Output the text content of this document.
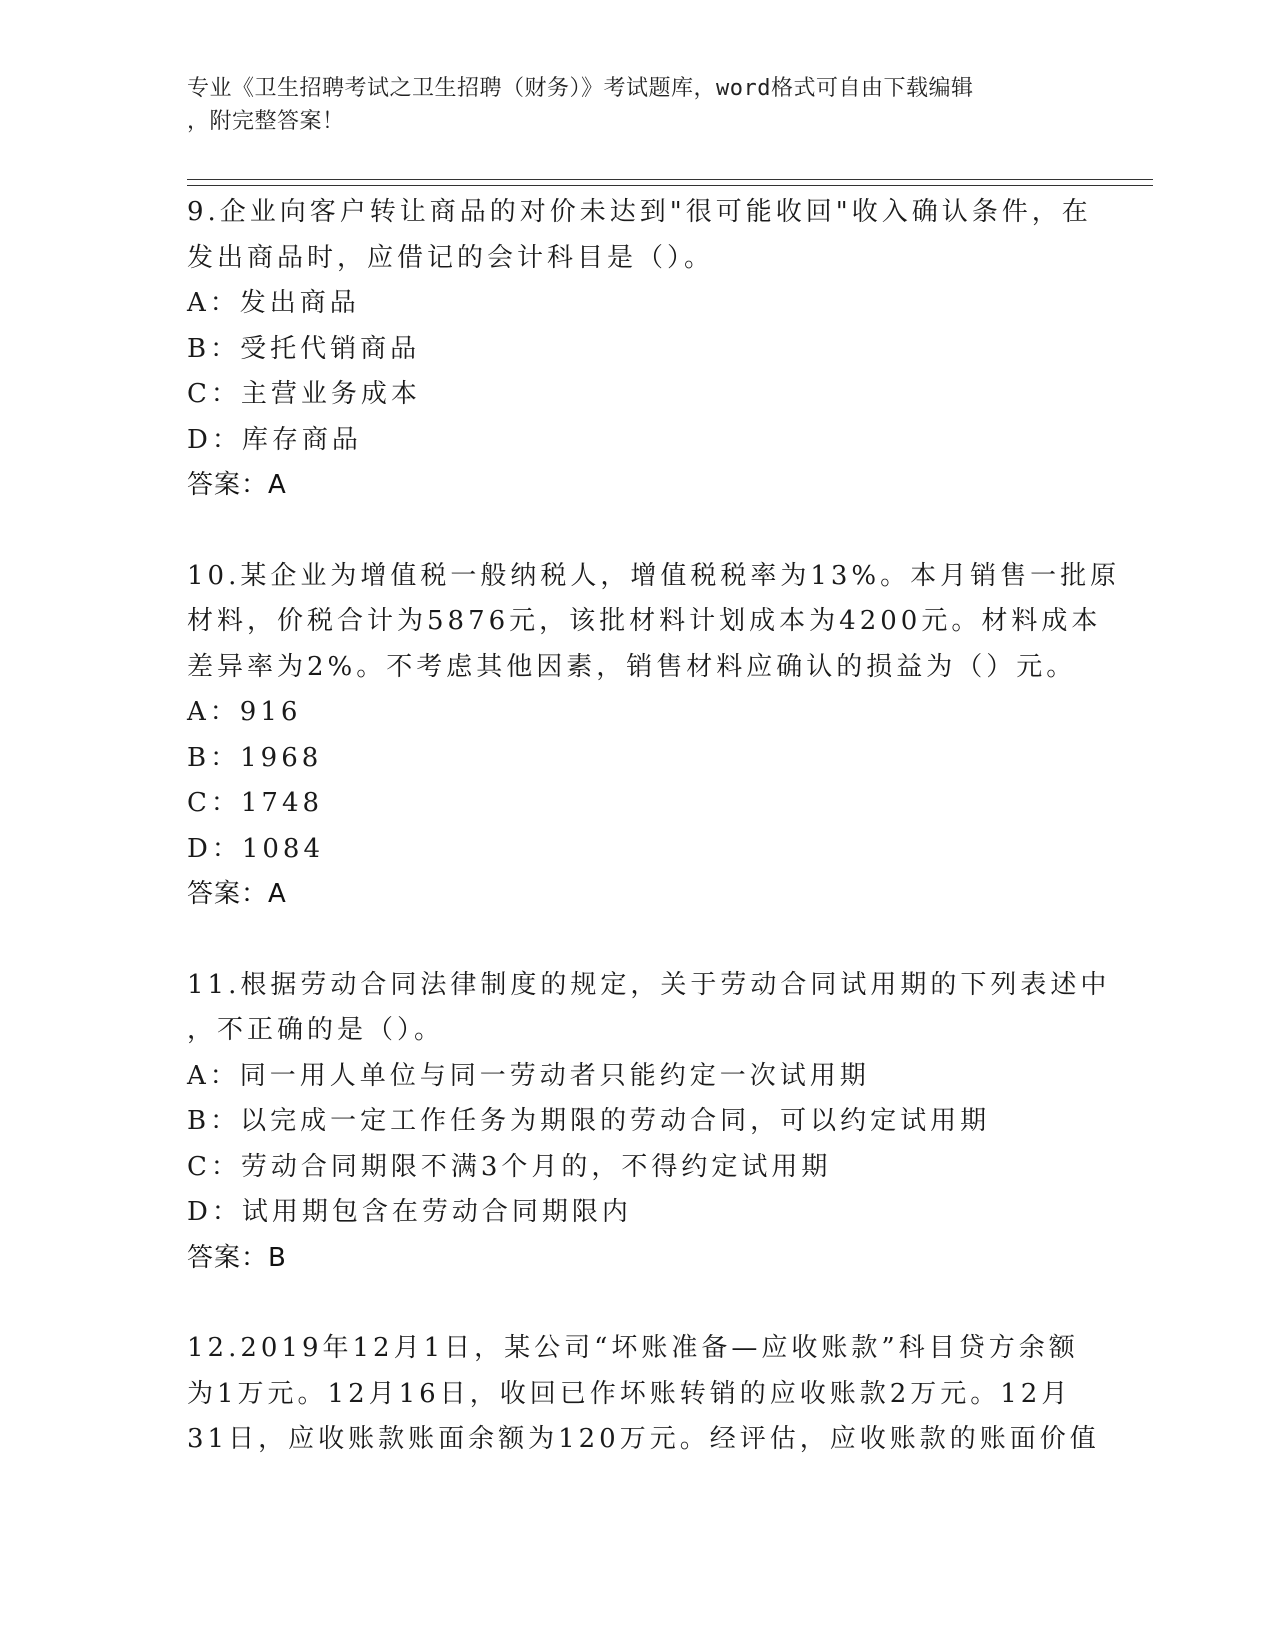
专业《卫生招聘考试之卫生招聘（财务）》考试题库，word格式可自由下载编辑
，附完整答案！
9.企业向客户转让商品的对价未达到"很可能收回"收入确认条件，在
发出商品时，应借记的会计科目是（）。
A：发出商品
B：受托代销商品
C：主营业务成本
D：库存商品
答案：A
10.某企业为增值税一般纳税人，增值税税率为13%。本月销售一批原
材料，价税合计为5876元，该批材料计划成本为4200元。材料成本
差异率为2%。不考虑其他因素，销售材料应确认的损益为（）元。
A：916
B：1968
C：1748
D：1084
答案：A
11.根据劳动合同法律制度的规定，关于劳动合同试用期的下列表述中
，不正确的是（）。
A：同一用人单位与同一劳动者只能约定一次试用期
B：以完成一定工作任务为期限的劳动合同，可以约定试用期
C：劳动合同期限不满3个月的，不得约定试用期
D：试用期包含在劳动合同期限内
答案：B
12.2019年12月1日，某公司“坏账准备—应收账款”科目贷方余额
为1万元。12月16日，收回已作坏账转销的应收账款2万元。12月
31日，应收账款账面余额为120万元。经评估，应收账款的账面价值
